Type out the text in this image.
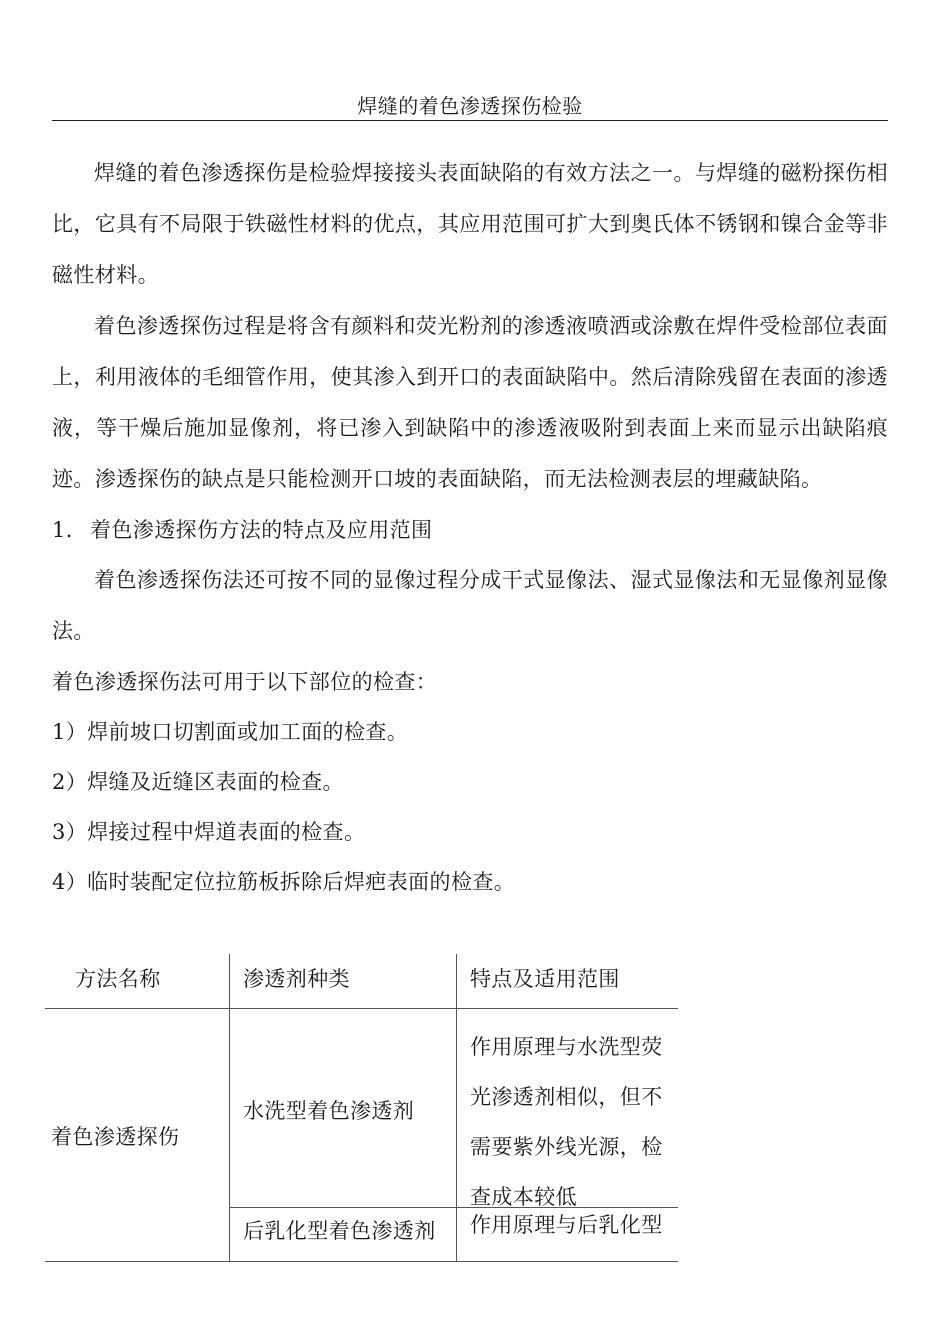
焊缝的着色渗透探伤检验

焊缝的着色渗透探伤是检验焊接接头表面缺陷的有效方法之一。与焊缝的磁粉探伤相比，它具有不局限于铁磁性材料的优点，其应用范围可扩大到奥氏体不锈钢和镍合金等非磁性材料。

着色渗透探伤过程是将含有颜料和荧光粉剂的渗透液喷洒或涂敷在焊件受检部位表面上，利用液体的毛细管作用，使其渗入到开口的表面缺陷中。然后清除残留在表面的渗透液，等干燥后施加显像剂，将已渗入到缺陷中的渗透液吸附到表面上来而显示出缺陷痕迹。渗透探伤的缺点是只能检测开口坡的表面缺陷，而无法检测表层的埋藏缺陷。

1. 着色渗透探伤方法的特点及应用范围

着色渗透探伤法还可按不同的显像过程分成干式显像法、湿式显像法和无显像剂显像法。

着色渗透探伤法可用于以下部位的检查：

1）焊前坡口切割面或加工面的检查。

2）焊缝及近缝区表面的检查。

3）焊接过程中焊道表面的检查。

4）临时装配定位拉筋板拆除后焊疤表面的检查。

方法名称	渗透剂种类	特点及适用范围
着色渗透探伤
水洗型着色渗透剂
作用原理与水洗型荧
光渗透剂相似，但不
需要紫外线光源，检
查成本较低
后乳化型着色渗透剂 作用原理与后乳化型
